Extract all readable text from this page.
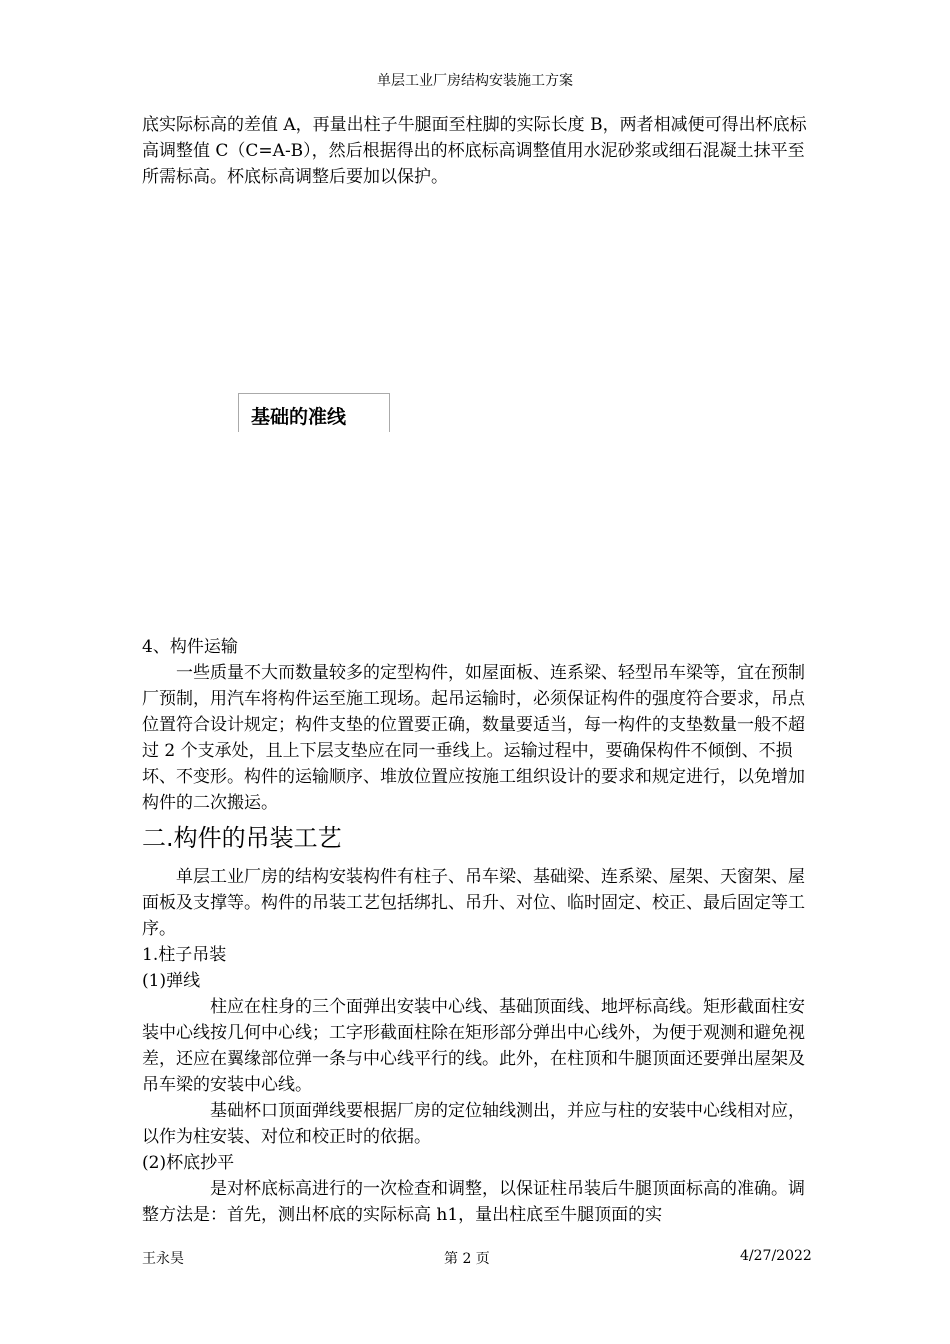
单层工业厂房结构安装施工方案

底实际标高的差值 A，再量出柱子牛腿面至柱脚的实际长度 B，两者相减便可得出杯底标高调整值 C（C=A-B），然后根据得出的杯底标高调整值用水泥砂浆或细石混凝土抹平至所需标高。杯底标高调整后要加以保护。

基础的准线

4、构件运输

一些质量不大而数量较多的定型构件，如屋面板、连系梁、轻型吊车梁等，宜在预制厂预制，用汽车将构件运至施工现场。起吊运输时，必须保证构件的强度符合要求，吊点位置符合设计规定；构件支垫的位置要正确，数量要适当，每一构件的支垫数量一般不超过 2 个支承处，且上下层支垫应在同一垂线上。运输过程中，要确保构件不倾倒、不损坏、不变形。构件的运输顺序、堆放位置应按施工组织设计的要求和规定进行，以免增加构件的二次搬运。

二.构件的吊装工艺

单层工业厂房的结构安装构件有柱子、吊车梁、基础梁、连系梁、屋架、天窗架、屋面板及支撑等。构件的吊装工艺包括绑扎、吊升、对位、临时固定、校正、最后固定等工序。

1.柱子吊装

(1)弹线

柱应在柱身的三个面弹出安装中心线、基础顶面线、地坪标高线。矩形截面柱安装中心线按几何中心线；工字形截面柱除在矩形部分弹出中心线外，为便于观测和避免视差，还应在翼缘部位弹一条与中心线平行的线。此外，在柱顶和牛腿顶面还要弹出屋架及吊车梁的安装中心线。

基础杯口顶面弹线要根据厂房的定位轴线测出，并应与柱的安装中心线相对应，以作为柱安装、对位和校正时的依据。

(2)杯底抄平

是对杯底标高进行的一次检查和调整，以保证柱吊装后牛腿顶面标高的准确。调整方法是：首先，测出杯底的实际标高 h1，量出柱底至牛腿顶面的实

王永昊	第 2 页	4/27/2022
